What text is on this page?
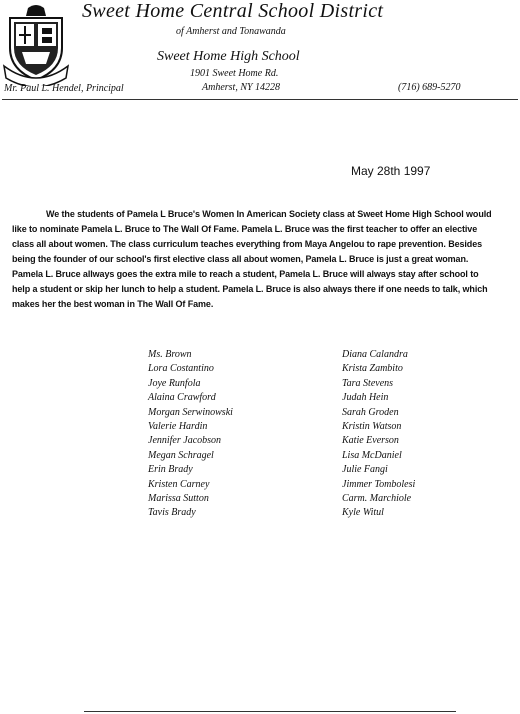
Sweet Home Central School District
of Amherst and Tonawanda
Sweet Home High School
1901 Sweet Home Rd.
Amherst, NY 14228
Mr. Paul L. Hendel, Principal	(716) 689-5270
May 28th 1997
We the students of Pamela L Bruce's Women In American Society class at Sweet Home High School would
like to nominate Pamela L. Bruce to The Wall Of Fame. Pamela L. Bruce was the first teacher to offer an elective
class all about women. The class curriculum teaches everything from Maya Angelou to rape prevention. Besides
being the founder of our school's first elective class all about women, Pamela L. Bruce is just a great woman.
Pamela L. Bruce allways goes the extra mile to reach a student, Pamela L. Bruce will always stay after school to
help a student or skip her lunch to help a student. Pamela L. Bruce is also always there if one needs to talk, which
makes her the best woman in The Wall Of Fame.
Ms. Brown
Lora Costantino
Joye Runfola
Alaina Crawford
Morgan Serwinowski
Valerie Hardin
Jennifer Jacobson
Megan Schragel
Erin Brady
Kristen Carney
Marissa Sutton
Tavis Brady
Diana Calandra
Krista Zambito
Tara Stevens
Judah Hein
Sarah Groden
Kristin Watson
Katie Everson
Lisa McDaniel
Julie Fangi
Jimmer Tombolesi
Carm. Marchiole
Kyle Witul
